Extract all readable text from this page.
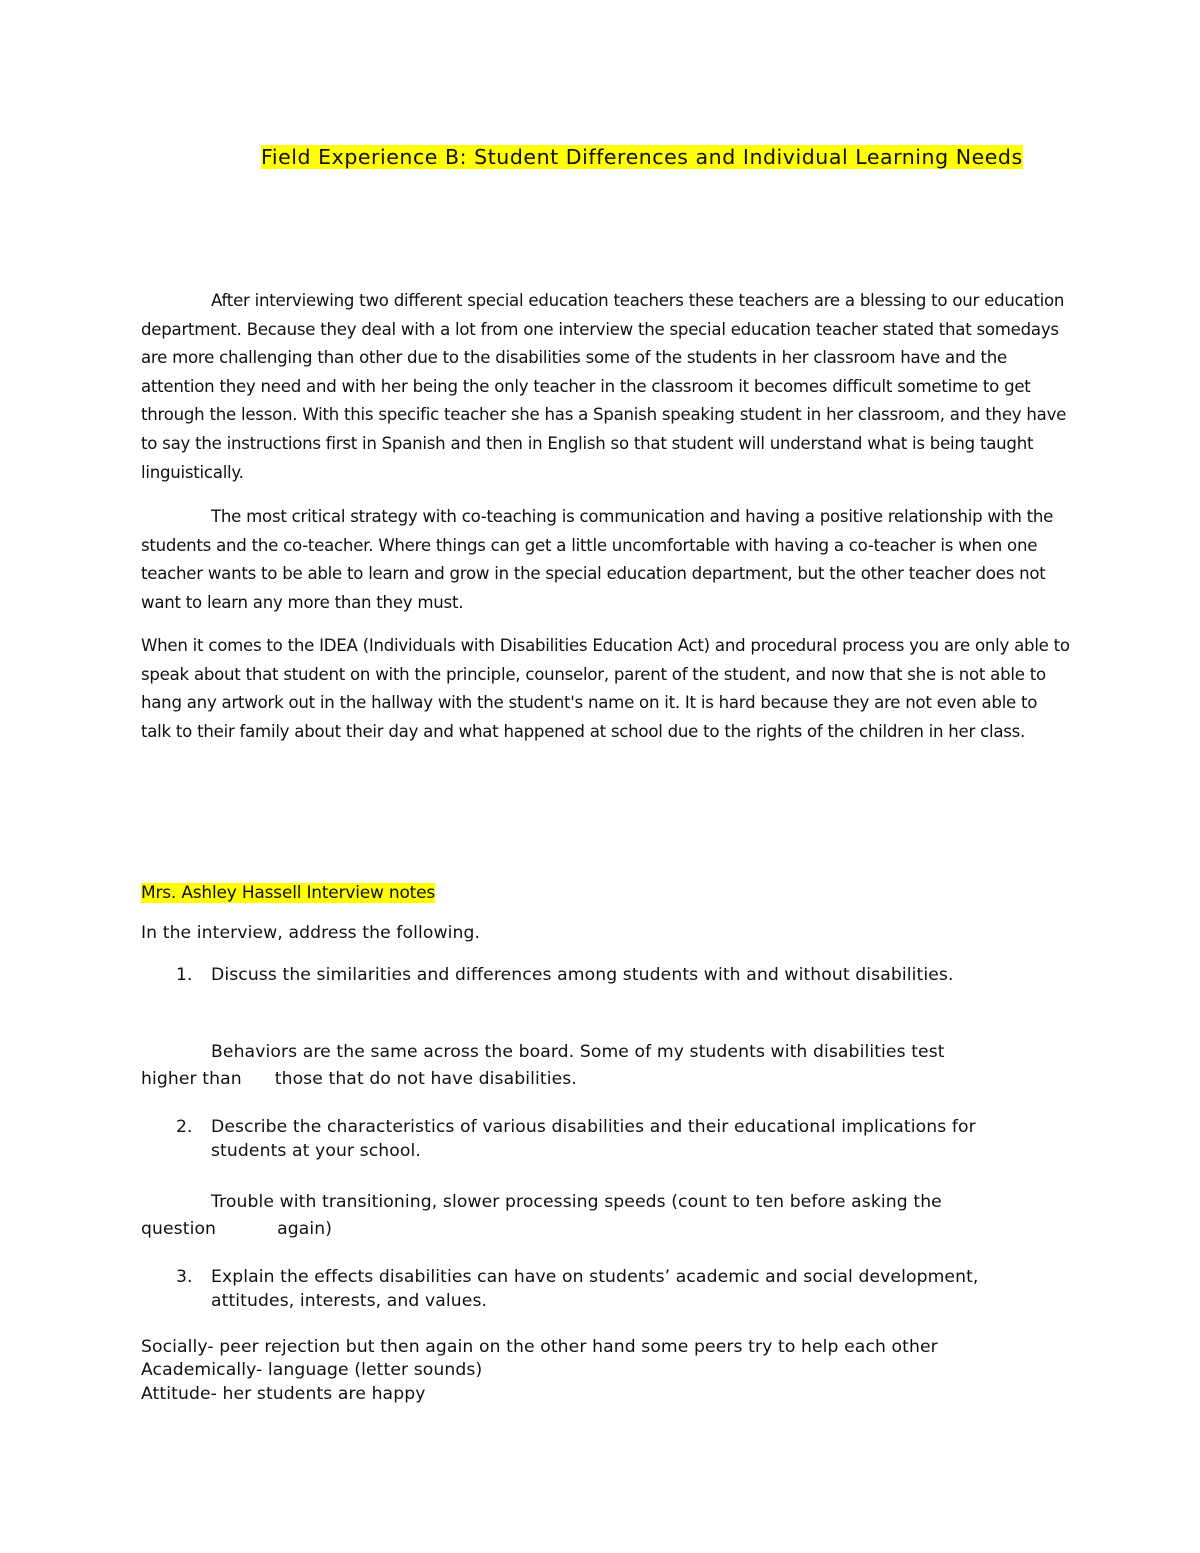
Field Experience B: Student Differences and Individual Learning Needs
After interviewing two different special education teachers these teachers are a blessing to our education department. Because they deal with a lot from one interview the special education teacher stated that somedays are more challenging than other due to the disabilities some of the students in her classroom have and the attention they need and with her being the only teacher in the classroom it becomes difficult sometime to get through the lesson. With this specific teacher she has a Spanish speaking student in her classroom, and they have to say the instructions first in Spanish and then in English so that student will understand what is being taught linguistically.
The most critical strategy with co-teaching is communication and having a positive relationship with the students and the co-teacher. Where things can get a little uncomfortable with having a co-teacher is when one teacher wants to be able to learn and grow in the special education department, but the other teacher does not want to learn any more than they must.
When it comes to the IDEA (Individuals with Disabilities Education Act) and procedural process you are only able to speak about that student on with the principle, counselor, parent of the student, and now that she is not able to hang any artwork out in the hallway with the student's name on it. It is hard because they are not even able to talk to their family about their day and what happened at school due to the rights of the children in her class.
Mrs. Ashley Hassell Interview notes
In the interview, address the following.
1. Discuss the similarities and differences among students with and without disabilities.
Behaviors are the same across the board. Some of my students with disabilities test
higher than those that do not have disabilities.
2. Describe the characteristics of various disabilities and their educational implications for students at your school.
Trouble with transitioning, slower processing speeds (count to ten before asking the
question	again)
3. Explain the effects disabilities can have on students’ academic and social development, attitudes, interests, and values.
Socially- peer rejection but then again on the other hand some peers try to help each other
Academically- language (letter sounds)
Attitude- her students are happy
